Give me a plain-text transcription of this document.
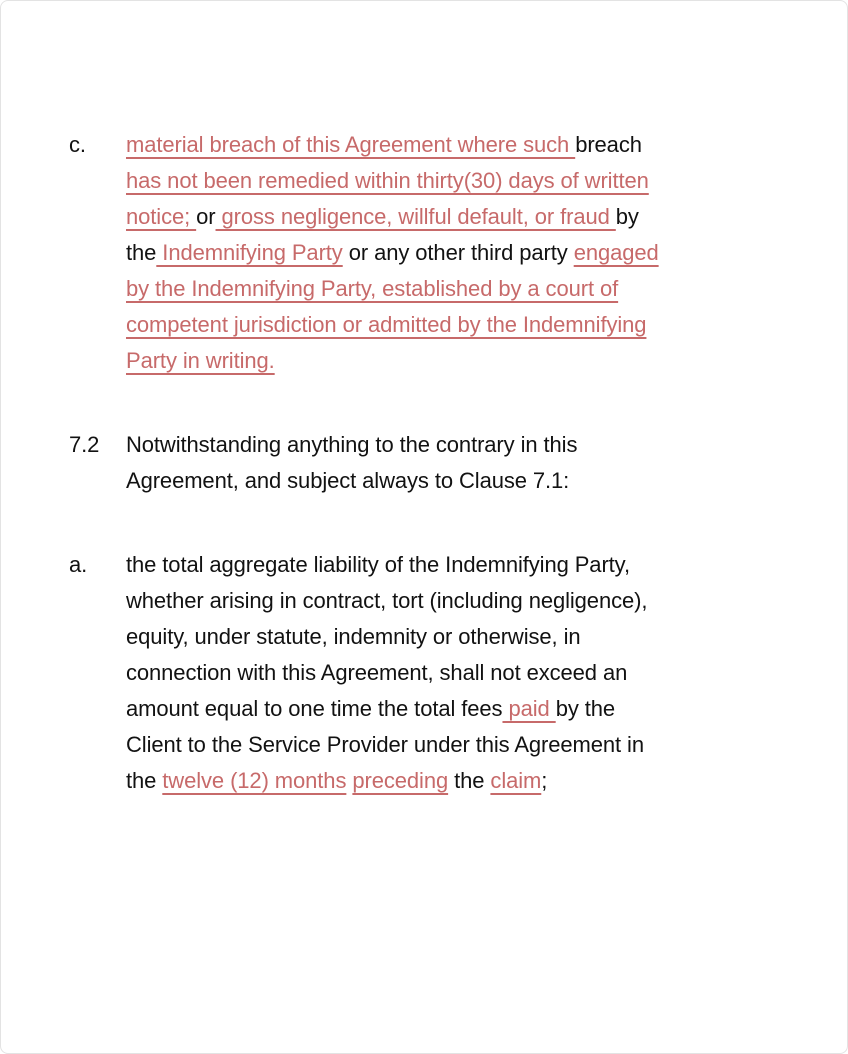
c.	material breach of this Agreement where such breach
has not been remedied within thirty(30) days of written
notice; or gross negligence, willful default, or fraud by
the Indemnifying Party or any other third party engaged
by the Indemnifying Party, established by a court of
competent jurisdiction or admitted by the Indemnifying
Party in writing.
7.2	Notwithstanding anything to the contrary in this
Agreement, and subject always to Clause 7.1:
a.	the total aggregate liability of the Indemnifying Party,
whether arising in contract, tort (including negligence),
equity, under statute, indemnity or otherwise, in
connection with this Agreement, shall not exceed an
amount equal to one time the total fees paid by the
Client to the Service Provider under this Agreement in
the twelve (12) months preceding the claim;
